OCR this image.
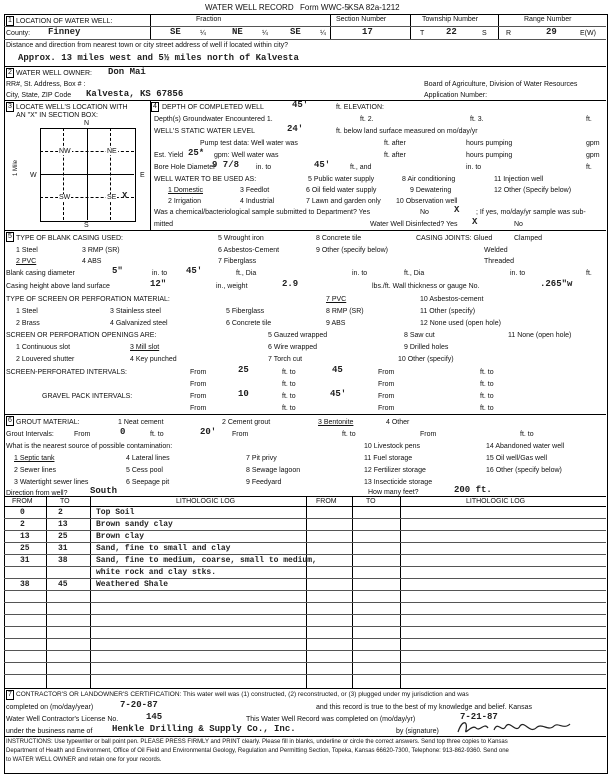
WATER WELL RECORD Form WWC-5 KSA 82a-1212
1 LOCATION OF WATER WELL:	Fraction	Section Number	Township Number	Range Number
County: Finney	SE	¼	NE	¼ SE	¼	17	T 22	S	R	29	E(W)
Distance and direction from nearest town or city street address of well if located within city?
Approx. 13 miles west and 5½ miles north of Kalvesta
2 WATER WELL OWNER: Don Mai
RR#, St. Address, Box # :	Board of Agriculture, Division of Water Resources
City, State, ZIP Code Kalvesta, KS 67856	Application Number:
3 LOCATE WELL'S LOCATION WITH
AN "X" IN SECTION BOX:
N
S
W	E
1 Mile
NW	NE
SW	SE X
4 DEPTH OF COMPLETED WELL	45'	ft. ELEVATION:
Depth(s) Groundwater Encountered 1.	ft. 2.	ft. 3.	ft.
WELL'S STATIC WATER LEVEL	24'	ft. below land surface measured on mo/day/yr
Pump test data: Well water was	ft. after	hours pumping	gpm
Est. Yield 25* gpm: Well water was	ft. after	hours pumping	gpm
Bore Hole Diameter
9 7/8 in. to	45'	ft., and	in. to	ft.
WELL WATER TO BE USED AS:	5 Public water supply	8 Air conditioning	11 Injection well
1 Domestic	3 Feedlot	6 Oil field water supply	9 Dewatering	12 Other (Specify below)
2 Irrigation	4 Industrial	7 Lawn and garden only 10 Observation well
Was a chemical/bacteriological sample submitted to Department? Yes	No	X ; If yes, mo/day/yr sample was sub-
mitted	Water Well Disinfected? Yes X	No
5 TYPE OF BLANK CASING USED:	5 Wrought iron	8 Concrete tile	CASING JOINTS: Glued	Clamped
1 Steel	3 RMP (SR)	6 Asbestos-Cement	9 Other (specify below)	Welded
2 PVC	4 ABS	7 Fiberglass	Threaded
Blank casing diameter	5"	in. to 45'	ft., Dia	in. to	ft., Dia	in. to	ft.
Casing height above land surface	12"	in., weight	2.9	lbs./ft. Wall thickness or gauge No.	.265"w
TYPE OF SCREEN OR PERFORATION MATERIAL:	7 PVC	10 Asbestos-cement
1 Steel	3 Stainless steel	5 Fiberglass	8 RMP (SR)	11 Other (specify)
2 Brass	4 Galvanized steel	6 Concrete tile	9 ABS	12 None used (open hole)
SCREEN OR PERFORATION OPENINGS ARE:	5 Gauzed wrapped	8 Saw cut	11 None (open hole)
1 Continuous slot	3 Mill slot	6 Wire wrapped	9 Drilled holes
2 Louvered shutter	4 Key punched	7 Torch cut	10 Other (specify)
SCREEN-PERFORATED INTERVALS:	From	25	ft. to	45	From	ft. to
From	ft. to	From	ft. to
GRAVEL PACK INTERVALS:	From	10	ft. to	45'	From	ft. to
From	ft. to	From	ft. to
6 GROUT MATERIAL:	1 Neat cement	2 Cement grout	3 Bentonite	4 Other
Grout Intervals:	From	0	ft. to	20' From	ft. to	From	ft. to
What is the nearest source of possible contamination:	10 Livestock pens	14 Abandoned water well
1 Septic tank	4 Lateral lines	7 Pit privy	11 Fuel storage	15 Oil well/Gas well
2 Sewer lines	5 Cess pool	8 Sewage lagoon	12 Fertilizer storage	16 Other (specify below)
3 Watertight sewer lines	6 Seepage pit	9 Feedyard	13 Insecticide storage
Direction from well?	South	How many feet?	200 ft.
FROM	TO	LITHOLOGIC LOG	FROM	TO	LITHOLOGIC LOG
0	2	Top Soil
2	13	Brown sandy clay
13	25	Brown clay
25	31	Sand, fine to small and clay
31	38	Sand, fine to medium, coarse, small to medium,
white rock and clay stks.
38	45	Weathered Shale
7 CONTRACTOR'S OR LANDOWNER'S CERTIFICATION: This water well was (1) constructed, (2) reconstructed, or (3) plugged under my jurisdiction and was
completed on (mo/day/year)	7-20-87	and this record is true to the best of my knowledge and belief. Kansas
Water Well Contractor's License No.	145	This Water Well Record was completed on (mo/day/yr)	7-21-87
under the business name of Henkle Drilling & Supply Co., Inc.	by (signature)
INSTRUCTIONS: Use typewriter or ball point pen. PLEASE PRESS FIRMLY and PRINT clearly. Please fill in blanks, underline or circle the correct answers. Send top three copies to Kansas
Department of Health and Environment, Office of Oil Field and Environmental Geology, Regulation and Permitting Section, Topeka, Kansas 66620-7300, Telephone: 913-862-9360. Send one
to WATER WELL OWNER and retain one for your records.
